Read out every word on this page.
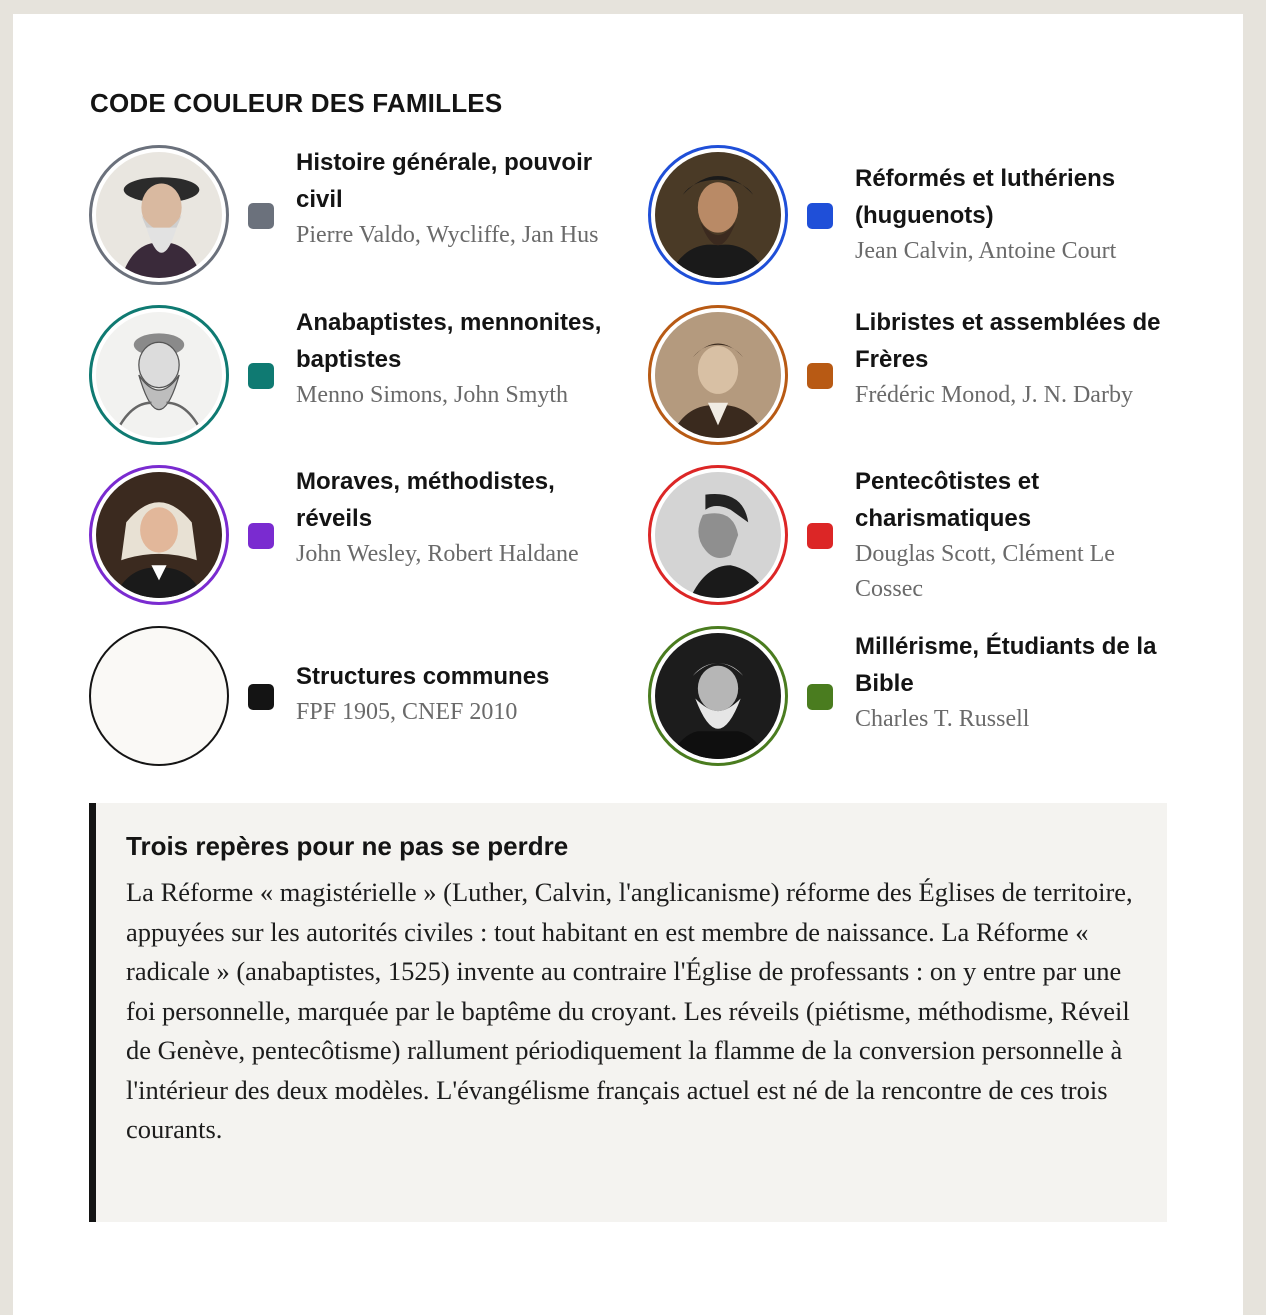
CODE COULEUR DES FAMILLES
Histoire générale, pouvoir civil
Pierre Valdo, Wycliffe, Jan Hus
Réformés et luthériens (huguenots)
Jean Calvin, Antoine Court
Anabaptistes, mennonites, baptistes
Menno Simons, John Smyth
Libristes et assemblées de Frères
Frédéric Monod, J. N. Darby
Moraves, méthodistes, réveils
John Wesley, Robert Haldane
Pentecôtistes et charismatiques
Douglas Scott, Clément Le Cossec
Structures communes
FPF 1905, CNEF 2010
Millérisme, Étudiants de la Bible
Charles T. Russell
Trois repères pour ne pas se perdre

La Réforme « magistérielle » (Luther, Calvin, l'anglicanisme) réforme des Églises de territoire, appuyées sur les autorités civiles : tout habitant en est membre de naissance. La Réforme « radicale » (anabaptistes, 1525) invente au contraire l'Église de professants : on y entre par une foi personnelle, marquée par le baptême du croyant. Les réveils (piétisme, méthodisme, Réveil de Genève, pentecôtisme) rallument périodiquement la flamme de la conversion personnelle à l'intérieur des deux modèles. L'évangélisme français actuel est né de la rencontre de ces trois courants.
